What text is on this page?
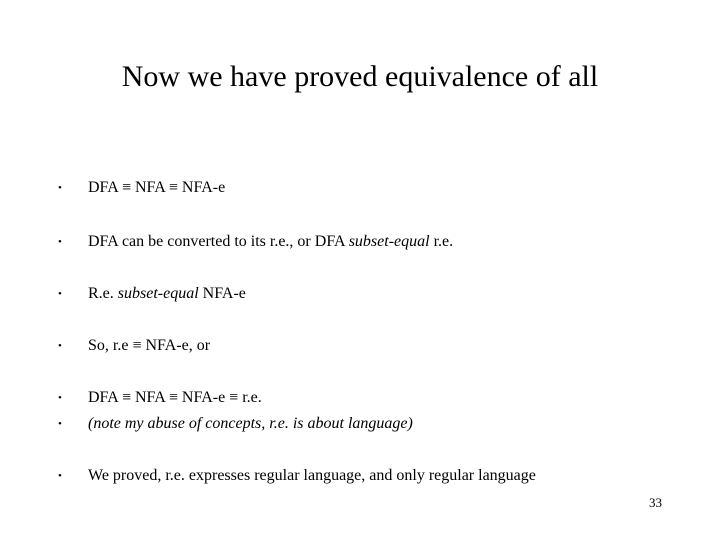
Now we have proved equivalence of all
•	DFA ≡ NFA ≡ NFA-e
•	DFA can be converted to its r.e., or DFA subset-equal r.e.
•	R.e. subset-equal NFA-e
•	So, r.e ≡ NFA-e, or
•	DFA ≡ NFA ≡ NFA-e ≡ r.e.
•	(note my abuse of concepts, r.e. is about language)
•	We proved, r.e. expresses regular language, and only regular language
33
